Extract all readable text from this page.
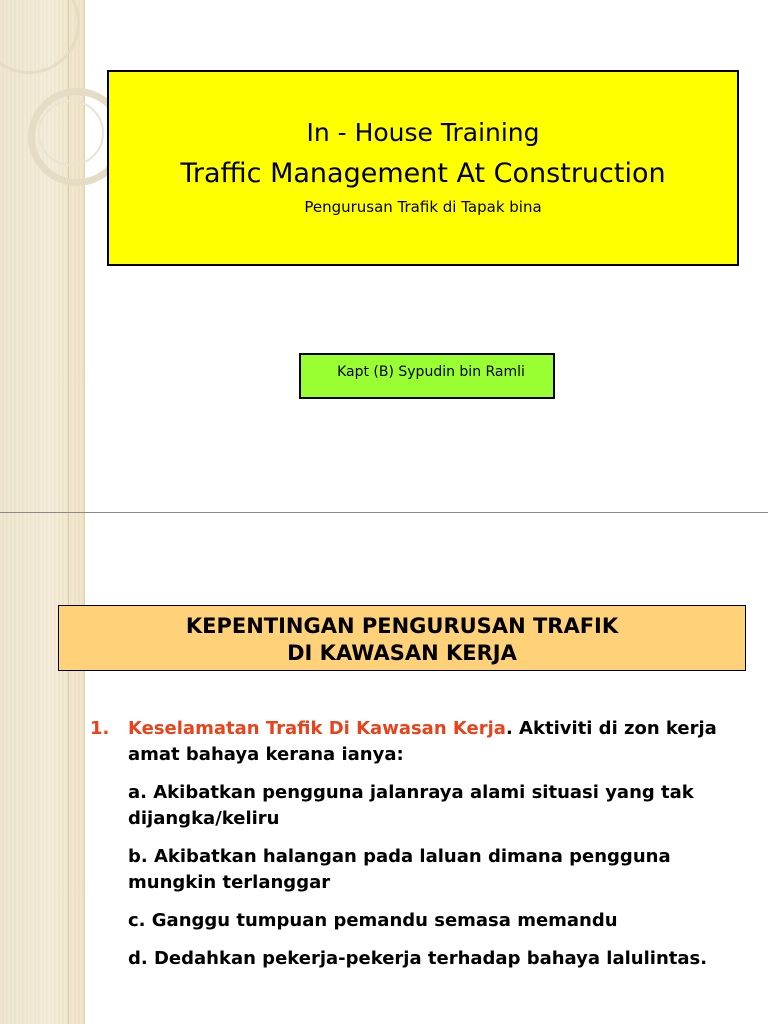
In - House Training
Traffic Management At Construction
Pengurusan Trafik di Tapak bina
Kapt (B) Sypudin bin Ramli
KEPENTINGAN PENGURUSAN TRAFIK
DI KAWASAN KERJA
1. Keselamatan Trafik Di Kawasan Kerja. Aktiviti di zon kerja amat bahaya kerana ianya:
a. Akibatkan pengguna jalanraya alami situasi yang tak dijangka/keliru
b. Akibatkan halangan pada laluan dimana pengguna mungkin terlanggar
c. Ganggu tumpuan pemandu semasa memandu
d. Dedahkan pekerja-pekerja terhadap bahaya lalulintas.
